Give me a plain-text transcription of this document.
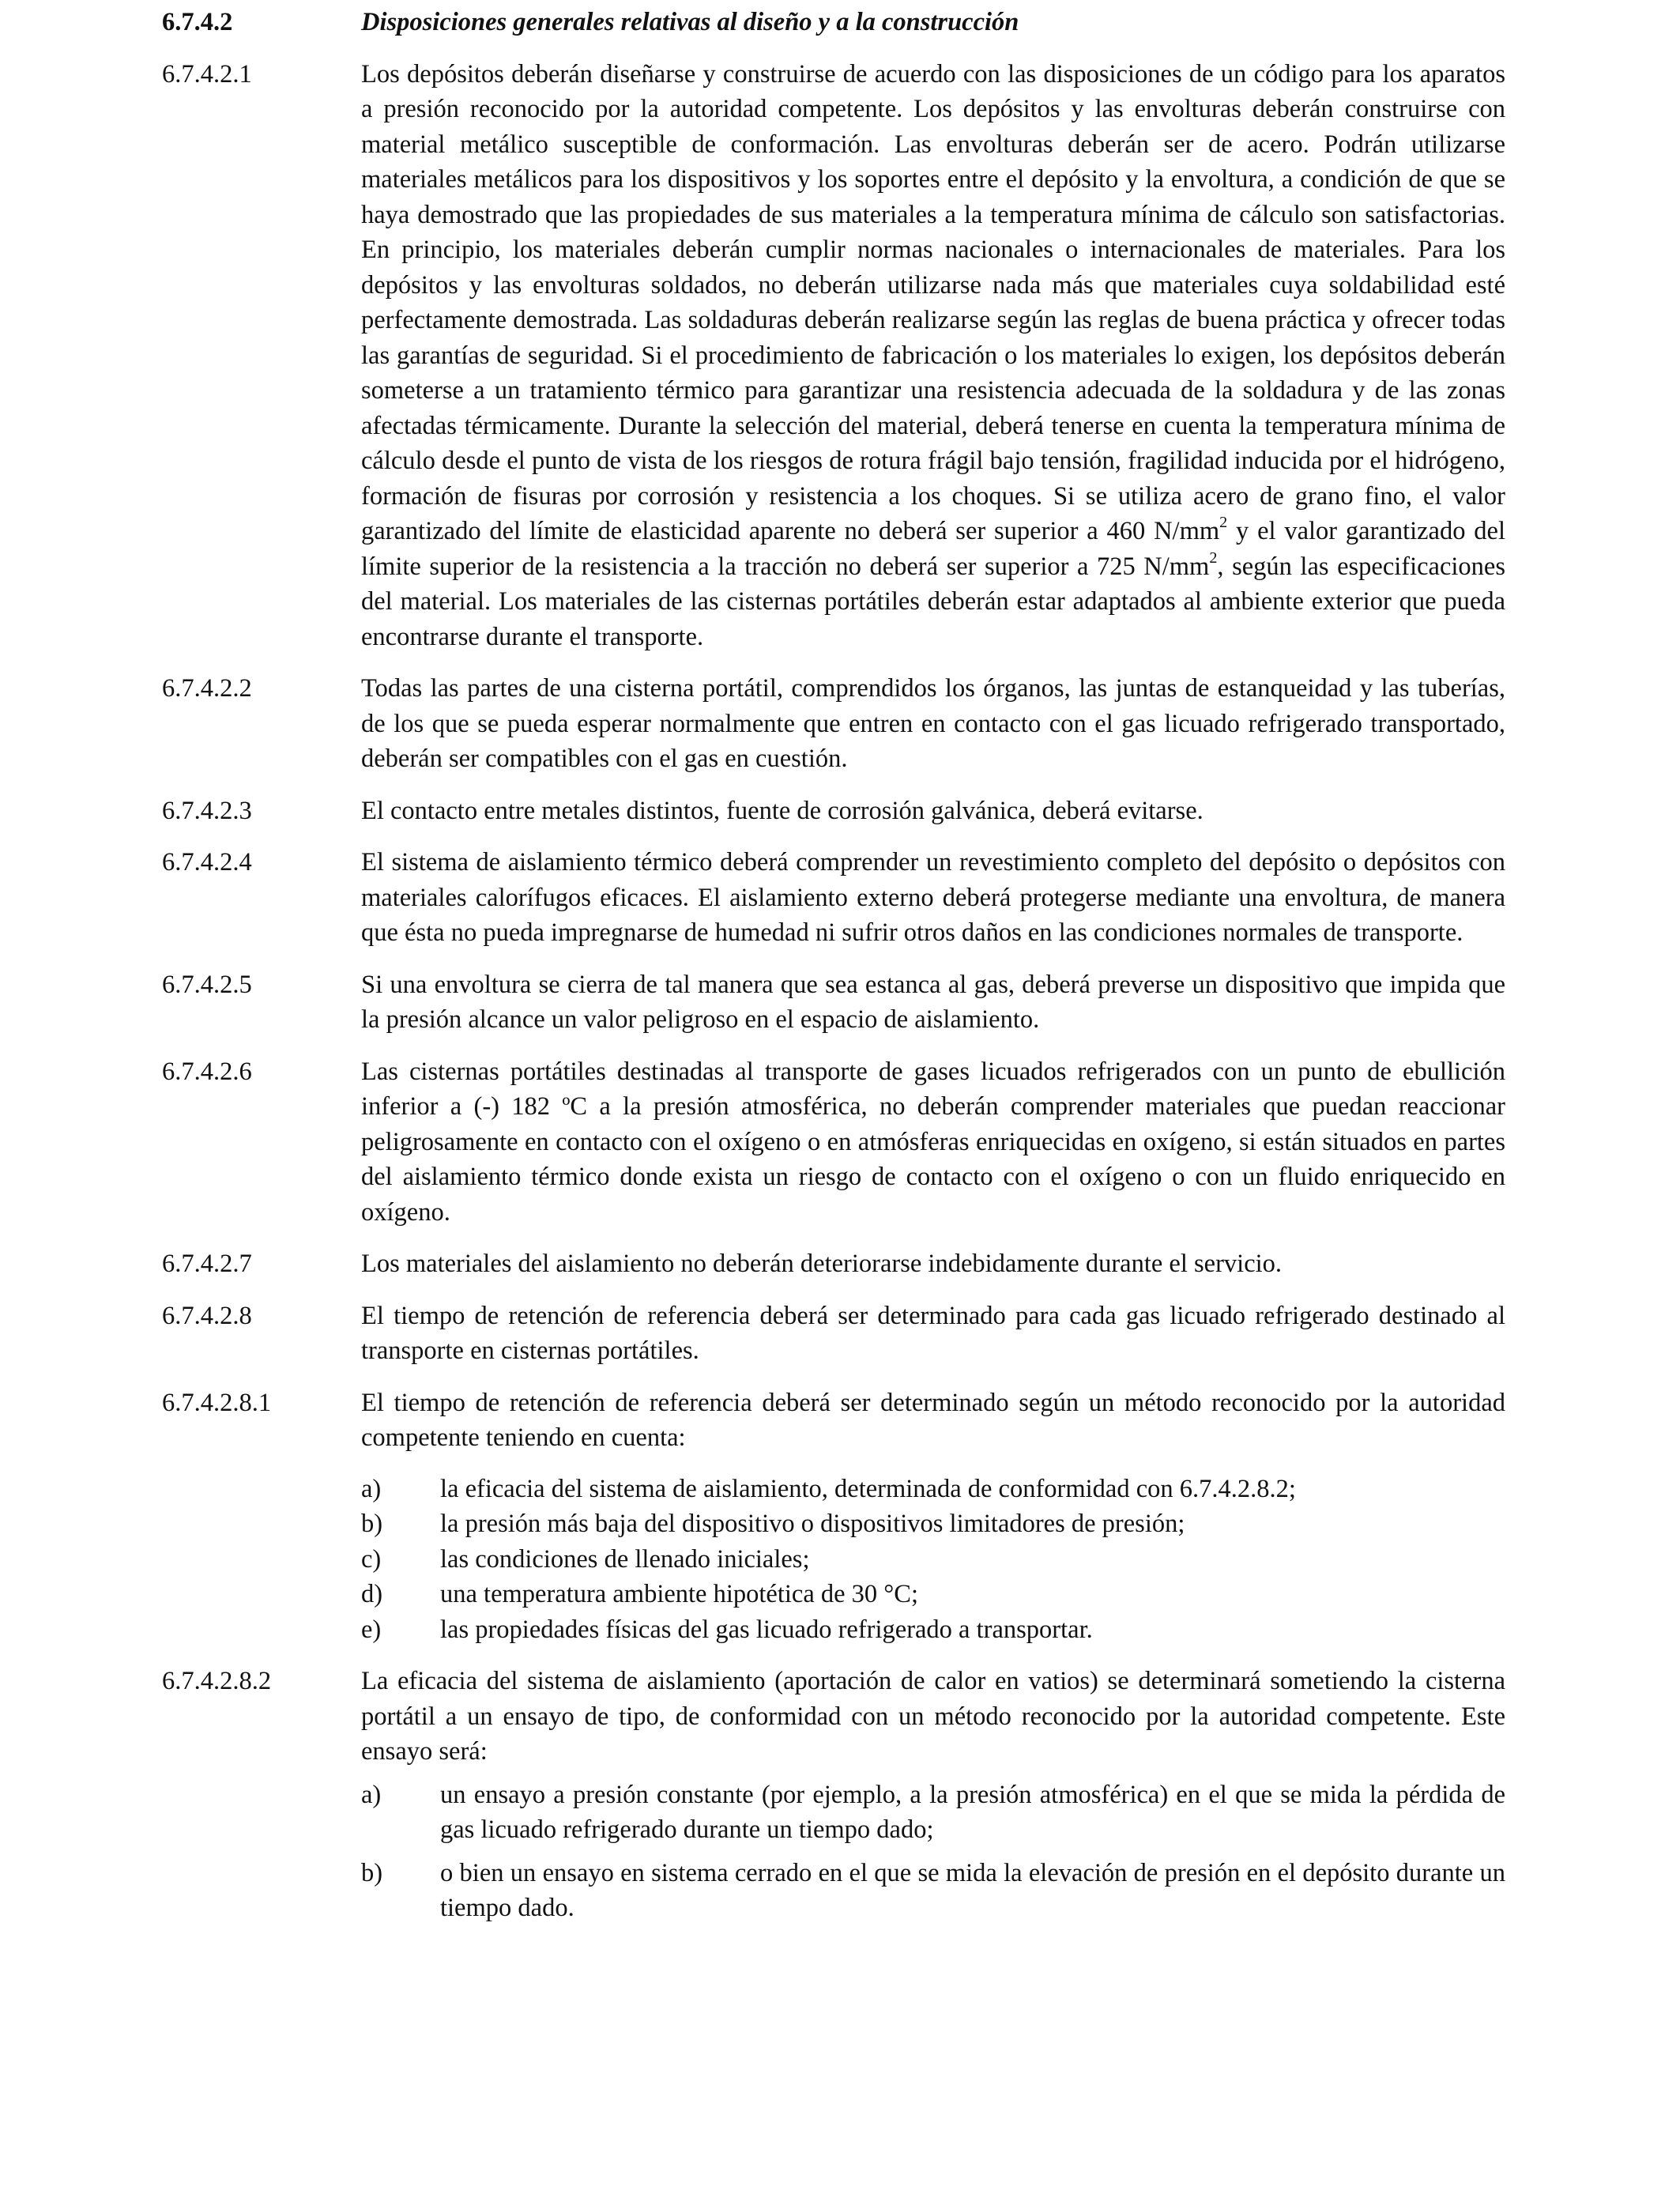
6.7.4.2	Disposiciones generales relativas al diseño y a la construcción
6.7.4.2.1	Los depósitos deberán diseñarse y construirse de acuerdo con las disposiciones de un código para los aparatos a presión reconocido por la autoridad competente. Los depósitos y las envolturas deberán construirse con material metálico susceptible de conformación. Las envolturas deberán ser de acero. Podrán utilizarse materiales metálicos para los dispositivos y los soportes entre el depósito y la envoltura, a condición de que se haya demostrado que las propiedades de sus materiales a la temperatura mínima de cálculo son satisfactorias. En principio, los materiales deberán cumplir normas nacionales o internacionales de materiales. Para los depósitos y las envolturas soldados, no deberán utilizarse nada más que materiales cuya soldabilidad esté perfectamente demostrada. Las soldaduras deberán realizarse según las reglas de buena práctica y ofrecer todas las garantías de seguridad. Si el procedimiento de fabricación o los materiales lo exigen, los depósitos deberán someterse a un tratamiento térmico para garantizar una resistencia adecuada de la soldadura y de las zonas afectadas térmicamente. Durante la selección del material, deberá tenerse en cuenta la temperatura mínima de cálculo desde el punto de vista de los riesgos de rotura frágil bajo tensión, fragilidad inducida por el hidrógeno, formación de fisuras por corrosión y resistencia a los choques. Si se utiliza acero de grano fino, el valor garantizado del límite de elasticidad aparente no deberá ser superior a 460 $N/mm^2$ y el valor garantizado del límite superior de la resistencia a la tracción no deberá ser superior a 725 $N/mm^2$, según las especificaciones del material. Los materiales de las cisternas portátiles deberán estar adaptados al ambiente exterior que pueda encontrarse durante el transporte.
6.7.4.2.2	Todas las partes de una cisterna portátil, comprendidos los órganos, las juntas de estanqueidad y las tuberías, de los que se pueda esperar normalmente que entren en contacto con el gas licuado refrigerado transportado, deberán ser compatibles con el gas en cuestión.
6.7.4.2.3	El contacto entre metales distintos, fuente de corrosión galvánica, deberá evitarse.
6.7.4.2.4	El sistema de aislamiento térmico deberá comprender un revestimiento completo del depósito o depósitos con materiales calorífugos eficaces. El aislamiento externo deberá protegerse mediante una envoltura, de manera que ésta no pueda impregnarse de humedad ni sufrir otros daños en las condiciones normales de transporte.
6.7.4.2.5	Si una envoltura se cierra de tal manera que sea estanca al gas, deberá preverse un dispositivo que impida que la presión alcance un valor peligroso en el espacio de aislamiento.
6.7.4.2.6	Las cisternas portátiles destinadas al transporte de gases licuados refrigerados con un punto de ebullición inferior a (-) 182 ºC a la presión atmosférica, no deberán comprender materiales que puedan reaccionar peligrosamente en contacto con el oxígeno o en atmósferas enriquecidas en oxígeno, si están situados en partes del aislamiento térmico donde exista un riesgo de contacto con el oxígeno o con un fluido enriquecido en oxígeno.
6.7.4.2.7	Los materiales del aislamiento no deberán deteriorarse indebidamente durante el servicio.
6.7.4.2.8	El tiempo de retención de referencia deberá ser determinado para cada gas licuado refrigerado destinado al transporte en cisternas portátiles.
6.7.4.2.8.1	El tiempo de retención de referencia deberá ser determinado según un método reconocido por la autoridad competente teniendo en cuenta:
a)	la eficacia del sistema de aislamiento, determinada de conformidad con 6.7.4.2.8.2;
b)	la presión más baja del dispositivo o dispositivos limitadores de presión;
c)	las condiciones de llenado iniciales;
d)	una temperatura ambiente hipotética de 30 °C;
e)	las propiedades físicas del gas licuado refrigerado a transportar.
6.7.4.2.8.2	La eficacia del sistema de aislamiento (aportación de calor en vatios) se determinará sometiendo la cisterna portátil a un ensayo de tipo, de conformidad con un método reconocido por la autoridad competente. Este ensayo será:
a)	un ensayo a presión constante (por ejemplo, a la presión atmosférica) en el que se mida la pérdida de gas licuado refrigerado durante un tiempo dado;
b)	o bien un ensayo en sistema cerrado en el que se mida la elevación de presión en el depósito durante un tiempo dado.
